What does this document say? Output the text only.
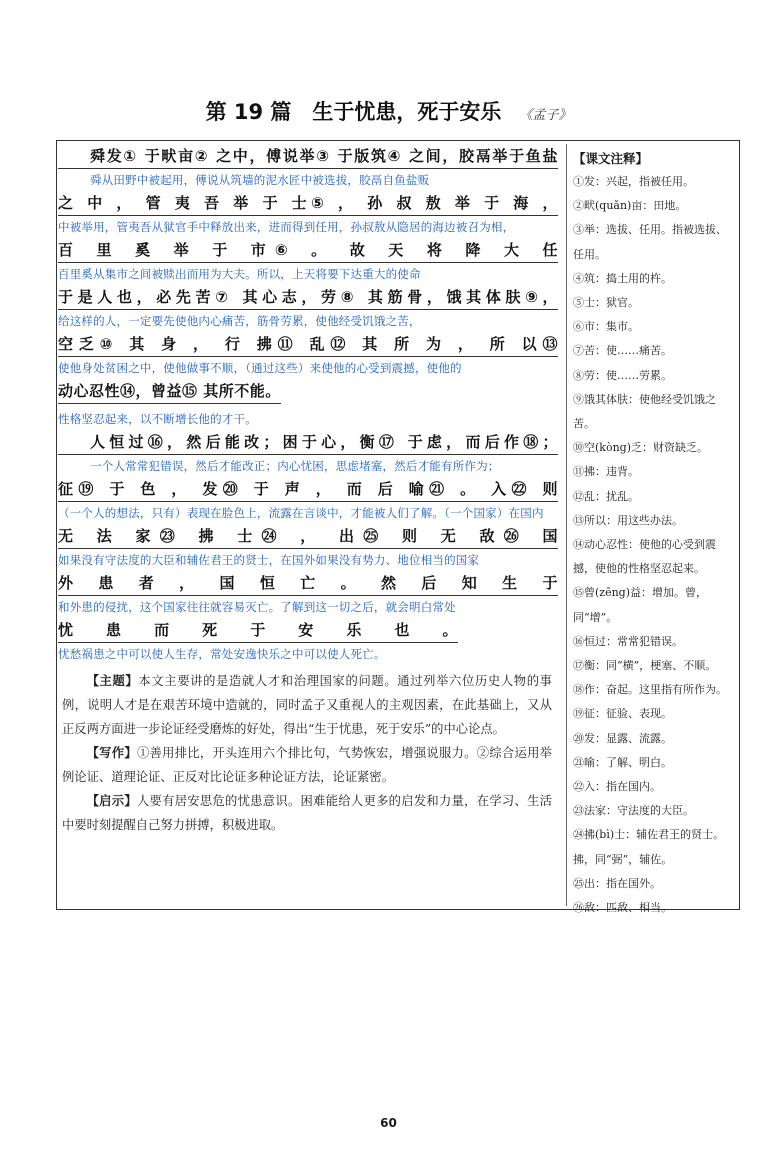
第 19 篇　生于忧患，死于安乐 《孟子》
舜发① 于畎亩② 之中，傅说举③ 于版筑④ 之间，胶鬲举于鱼盐
舜从田野中被起用，傅说从筑墙的泥水匠中被选拔，胶鬲自鱼盐贩
之 中 ， 管 夷 吾 举 于 士⑤ ， 孙 叔 敖 举 于 海 ，
中被举用，管夷吾从狱官手中释放出来，进而得到任用，孙叔敖从隐居的海边被召为相，
百 里 奚 举 于 市⑥ 。 故 天 将 降 大 任
百里奚从集市之间被赎出而用为大夫。所以，上天将要下达重大的使命
于是人也，必先苦⑦ 其心志，劳⑧ 其筋骨，饿其体肤⑨，
给这样的人，一定要先使他内心痛苦，筋骨劳累，使他经受饥饿之苦，
空乏⑩ 其 身 ， 行 拂⑪ 乱⑫ 其 所 为 ， 所 以⑬
使他身处贫困之中，使他做事不顺，（通过这些）来使他的心受到震撼，使他的
动心忍性⑭，曾益⑮ 其所不能。
性格坚忍起来，以不断增长他的才干。
人恒过⑯，然后能改；困于心，衡⑰ 于虑，而后作⑱；
一个人常常犯错误，然后才能改正；内心忧困，思虑堵塞，然后才能有所作为；
征⑲ 于 色 ， 发⑳ 于 声 ， 而 后 喻㉑ 。 入㉒ 则
（一个人的想法，只有）表现在脸色上，流露在言谈中，才能被人们了解。（一个国家）在国内
无 法 家㉓ 拂 士㉔ ， 出㉕ 则 无 敌㉖ 国
如果没有守法度的大臣和辅佐君王的贤士，在国外如果没有势力、地位相当的国家
外 患 者 ， 国 恒 亡 。 然 后 知 生 于
和外患的侵扰，这个国家往往就容易灭亡。了解到这一切之后，就会明白常处
忧 患 而 死 于 安 乐 也 。
忧愁祸患之中可以使人生存，常处安逸快乐之中可以使人死亡。
【主题】本文主要讲的是造就人才和治理国家的问题。通过列举六位历史人物的事例，说明人才是在艰苦环境中造就的，同时孟子又重视人的主观因素，在此基础上，又从正反两方面进一步论证经受磨炼的好处，得出“生于忧患，死于安乐”的中心论点。
【写作】①善用排比，开头连用六个排比句，气势恢宏，增强说服力。②综合运用举例论证、道理论证、正反对比论证多种论证方法，论证紧密。
【启示】人要有居安思危的忧患意识。困难能给人更多的启发和力量，在学习、生活中要时刻提醒自己努力拼搏，积极进取。
【课文注释】
①发：兴起，指被任用。
②畎(quǎn)亩：田地。
③举：选拔、任用。指被选拔、任用。
④筑：捣土用的杵。
⑤士：狱官。
⑥市：集市。
⑦苦：使……痛苦。
⑧劳：使……劳累。
⑨饿其体肤：使他经受饥饿之苦。
⑩空(kòng)乏：财资缺乏。
⑪拂：违背。
⑫乱：扰乱。
⑬所以：用这些办法。
⑭动心忍性：使他的心受到震撼，使他的性格坚忍起来。
⑮曾(zēng)益：增加。曾，同“增”。
⑯恒过：常常犯错误。
⑰衡：同“横”，梗塞、不顺。
⑱作：奋起。这里指有所作为。
⑲征：征验、表现。
⑳发：显露、流露。
㉑喻：了解、明白。
㉒入：指在国内。
㉓法家：守法度的大臣。
㉔拂(bì)士：辅佐君王的贤士。拂，同“弼”，辅佐。
㉕出：指在国外。
㉖敌：匹敌、相当。
60
